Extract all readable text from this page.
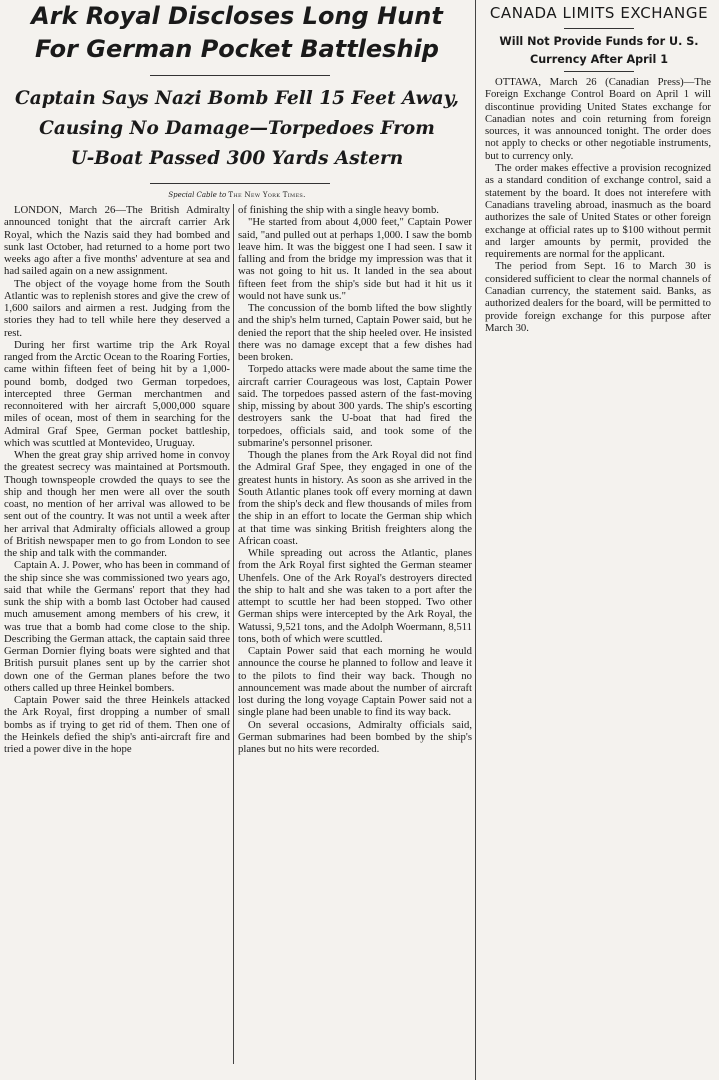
Ark Royal Discloses Long Hunt
For German Pocket Battleship
Captain Says Nazi Bomb Fell 15 Feet Away,
Causing No Damage—Torpedoes From
U-Boat Passed 300 Yards Astern
Special Cable to The New York Times.

LONDON, March 26—The British Admiralty announced tonight that the aircraft carrier Ark Royal, which the Nazis said they had bombed and sunk last October, had returned to a home port two weeks ago after a five months' adventure at sea and had sailed again on a new assignment.

The object of the voyage home from the South Atlantic was to replenish stores and give the crew of 1,600 sailors and airmen a rest. Judging from the stories they had to tell while here they deserved a rest.

During her first wartime trip the Ark Royal ranged from the Arctic Ocean to the Roaring Forties, came within fifteen feet of being hit by a 1,000-pound bomb, dodged two German torpedoes, intercepted three German merchantmen and reconnoitered with her aircraft 5,000,000 square miles of ocean, most of them in searching for the Admiral Graf Spee, German pocket battleship, which was scuttled at Montevideo, Uruguay.

When the great gray ship arrived home in convoy the greatest secrecy was maintained at Portsmouth. Though townspeople crowded the quays to see the ship and though her men were all over the south coast, no mention of her arrival was allowed to be sent out of the country. It was not until a week after her arrival that Admiralty officials allowed a group of British newspaper men to go from London to see the ship and talk with the commander.

Captain A. J. Power, who has been in command of the ship since she was commissioned two years ago, said that while the Germans' report that they had sunk the ship with a bomb last October had caused much amusement among members of his crew, it was true that a bomb had come close to the ship. Describing the German attack, the captain said three German Dornier flying boats were sighted and that British pursuit planes sent up by the carrier shot down one of the German planes before the two others called up three Heinkel bombers.

Captain Power said the three Heinkels attacked the Ark Royal, first dropping a number of small bombs as if trying to get rid of them. Then one of the Heinkels defied the ship's anti-aircraft fire and tried a power dive in the hope

of finishing the ship with a single heavy bomb.

"He started from about 4,000 feet," Captain Power said, "and pulled out at perhaps 1,000. I saw the bomb leave him. It was the biggest one I had seen. I saw it falling and from the bridge my impression was that it was not going to hit us. It landed in the sea about fifteen feet from the ship's side but had it hit us it would not have sunk us."

The concussion of the bomb lifted the bow slightly and the ship's helm turned, Captain Power said, but he denied the report that the ship heeled over. He insisted there was no damage except that a few dishes had been broken.

Torpedo attacks were made about the same time the aircraft carrier Courageous was lost, Captain Power said. The torpedoes passed astern of the fast-moving ship, missing by about 300 yards. The ship's escorting destroyers sank the U-boat that had fired the torpedoes, officials said, and took some of the submarine's personnel prisoner.

Though the planes from the Ark Royal did not find the Admiral Graf Spee, they engaged in one of the greatest hunts in history. As soon as she arrived in the South Atlantic planes took off every morning at dawn from the ship's deck and flew thousands of miles from the ship in an effort to locate the German ship which at that time was sinking British freighters along the African coast.

While spreading out across the Atlantic, planes from the Ark Royal first sighted the German steamer Uhenfels. One of the Ark Royal's destroyers directed the ship to halt and she was taken to a port after the attempt to scuttle her had been stopped. Two other German ships were intercepted by the Ark Royal, the Watussi, 9,521 tons, and the Adolph Woermann, 8,511 tons, both of which were scuttled.

Captain Power said that each morning he would announce the course he planned to follow and leave it to the pilots to find their way back. Though no announcement was made about the number of aircraft lost during the long voyage Captain Power said not a single plane had been unable to find its way back.

On several occasions, Admiralty officials said, German submarines had been bombed by the ship's planes but no hits were recorded.

CANADA LIMITS EXCHANGE
Will Not Provide Funds for U. S.
Currency After April 1

OTTAWA, March 26 (Canadian Press)—The Foreign Exchange Control Board on April 1 will discontinue providing United States exchange for Canadian notes and coin returning from foreign sources, it was announced tonight. The order does not apply to checks or other negotiable instruments, but to currency only.

The order makes effective a provision recognized as a standard condition of exchange control, said a statement by the board. It does not interefere with Canadians traveling abroad, inasmuch as the board authorizes the sale of United States or other foreign exchange at official rates up to $100 without permit and larger amounts by permit, provided the requirements are normal for the applicant.

The period from Sept. 16 to March 30 is considered sufficient to clear the normal channels of Canadian currency, the statement said. Banks, as authorized dealers for the board, will be permitted to provide foreign exchange for this purpose after March 30.
